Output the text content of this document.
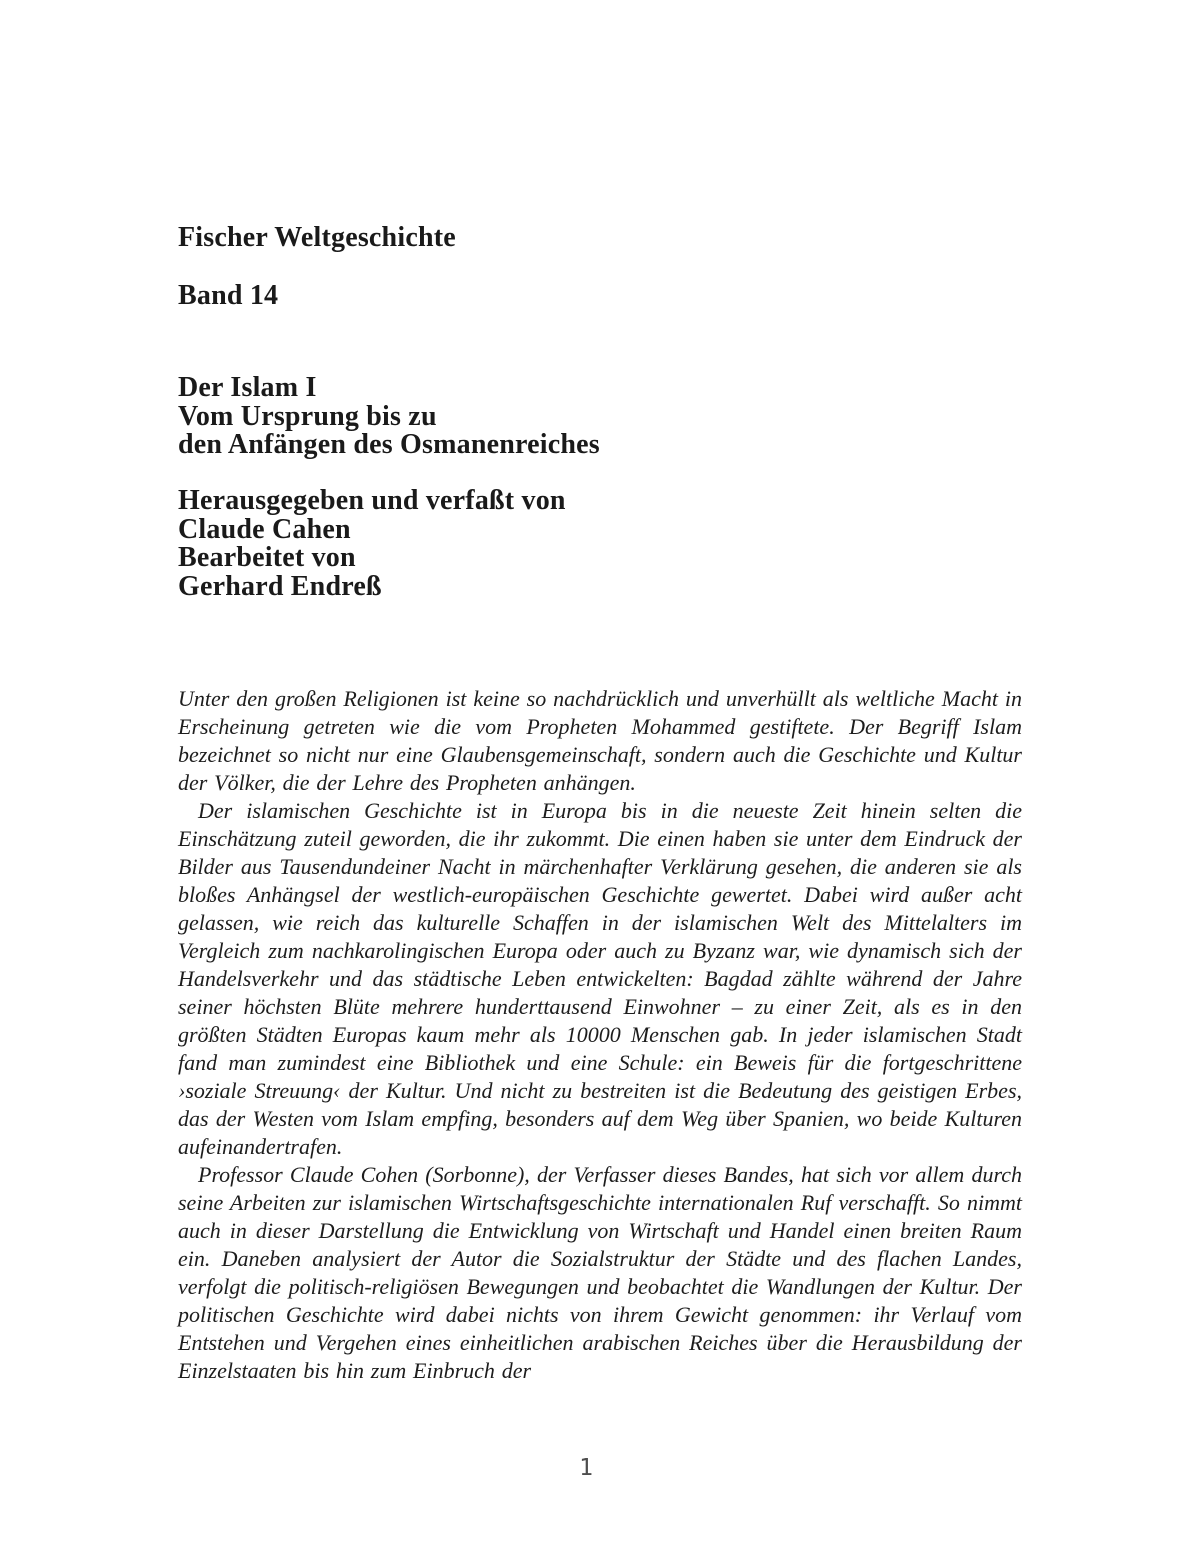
Fischer Weltgeschichte
Band 14
Der Islam I
Vom Ursprung bis zu
den Anfängen des Osmanenreiches
Herausgegeben und verfaßt von
Claude Cahen
Bearbeitet von
Gerhard Endreß

Unter den großen Religionen ist keine so nachdrücklich und unverhüllt als weltliche Macht in Erscheinung getreten wie die vom Propheten Mohammed gestiftete. Der Begriff Islam bezeichnet so nicht nur eine Glaubensgemeinschaft, sondern auch die Geschichte und Kultur der Völker, die der Lehre des Propheten anhängen.

Der islamischen Geschichte ist in Europa bis in die neueste Zeit hinein selten die Einschätzung zuteil geworden, die ihr zukommt. Die einen haben sie unter dem Eindruck der Bilder aus Tausendundeiner Nacht in märchenhafter Verklärung gesehen, die anderen sie als bloßes Anhängsel der westlich-europäischen Geschichte gewertet. Dabei wird außer acht gelassen, wie reich das kulturelle Schaffen in der islamischen Welt des Mittelalters im Vergleich zum nachkarolingischen Europa oder auch zu Byzanz war, wie dynamisch sich der Handelsverkehr und das städtische Leben entwickelten: Bagdad zählte während der Jahre seiner höchsten Blüte mehrere hunderttausend Einwohner – zu einer Zeit, als es in den größten Städten Europas kaum mehr als 10000 Menschen gab. In jeder islamischen Stadt fand man zumindest eine Bibliothek und eine Schule: ein Beweis für die fortgeschrittene ›soziale Streuung‹ der Kultur. Und nicht zu bestreiten ist die Bedeutung des geistigen Erbes, das der Westen vom Islam empfing, besonders auf dem Weg über Spanien, wo beide Kulturen aufeinandertrafen.

Professor Claude Cohen (Sorbonne), der Verfasser dieses Bandes, hat sich vor allem durch seine Arbeiten zur islamischen Wirtschaftsgeschichte internationalen Ruf verschafft. So nimmt auch in dieser Darstellung die Entwicklung von Wirtschaft und Handel einen breiten Raum ein. Daneben analysiert der Autor die Sozialstruktur der Städte und des flachen Landes, verfolgt die politisch-religiösen Bewegungen und beobachtet die Wandlungen der Kultur. Der politischen Geschichte wird dabei nichts von ihrem Gewicht genommen: ihr Verlauf vom Entstehen und Vergehen eines einheitlichen arabischen Reiches über die Herausbildung der Einzelstaaten bis hin zum Einbruch der

1
